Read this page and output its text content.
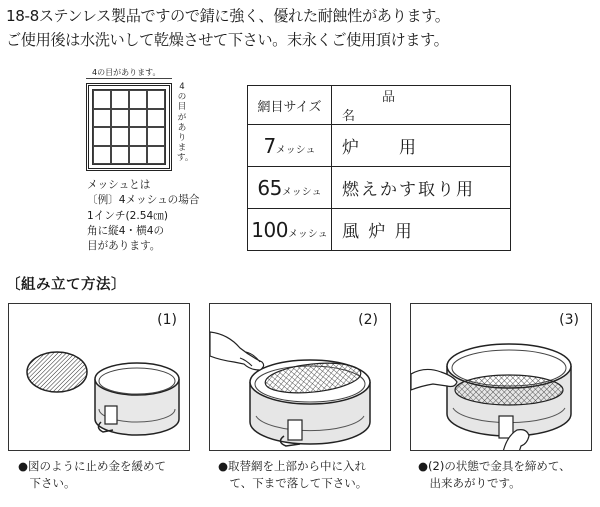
18-8ステンレス製品ですので錆に強く、優れた耐蝕性があります。
ご使用後は水洗いして乾燥させて下さい。末永くご使用頂けます。
4の目があります。
4の目があります。
メッシュとは
〔例〕4メッシュの場合
1インチ(2.54㎝)
角に縦4・横4の
目があります。
網目サイズ	品名
7メッシュ	炉　　用
65メッシュ	燃えかす取り用
100メッシュ	風 炉 用
〔組み立て方法〕
(1)	(2)	(3)
●図のように止め金を緩めて
　下さい。
●取替網を上部から中に入れ
　て、下まで落して下さい。
●(2)の状態で金具を締めて、
　出来あがりです。
